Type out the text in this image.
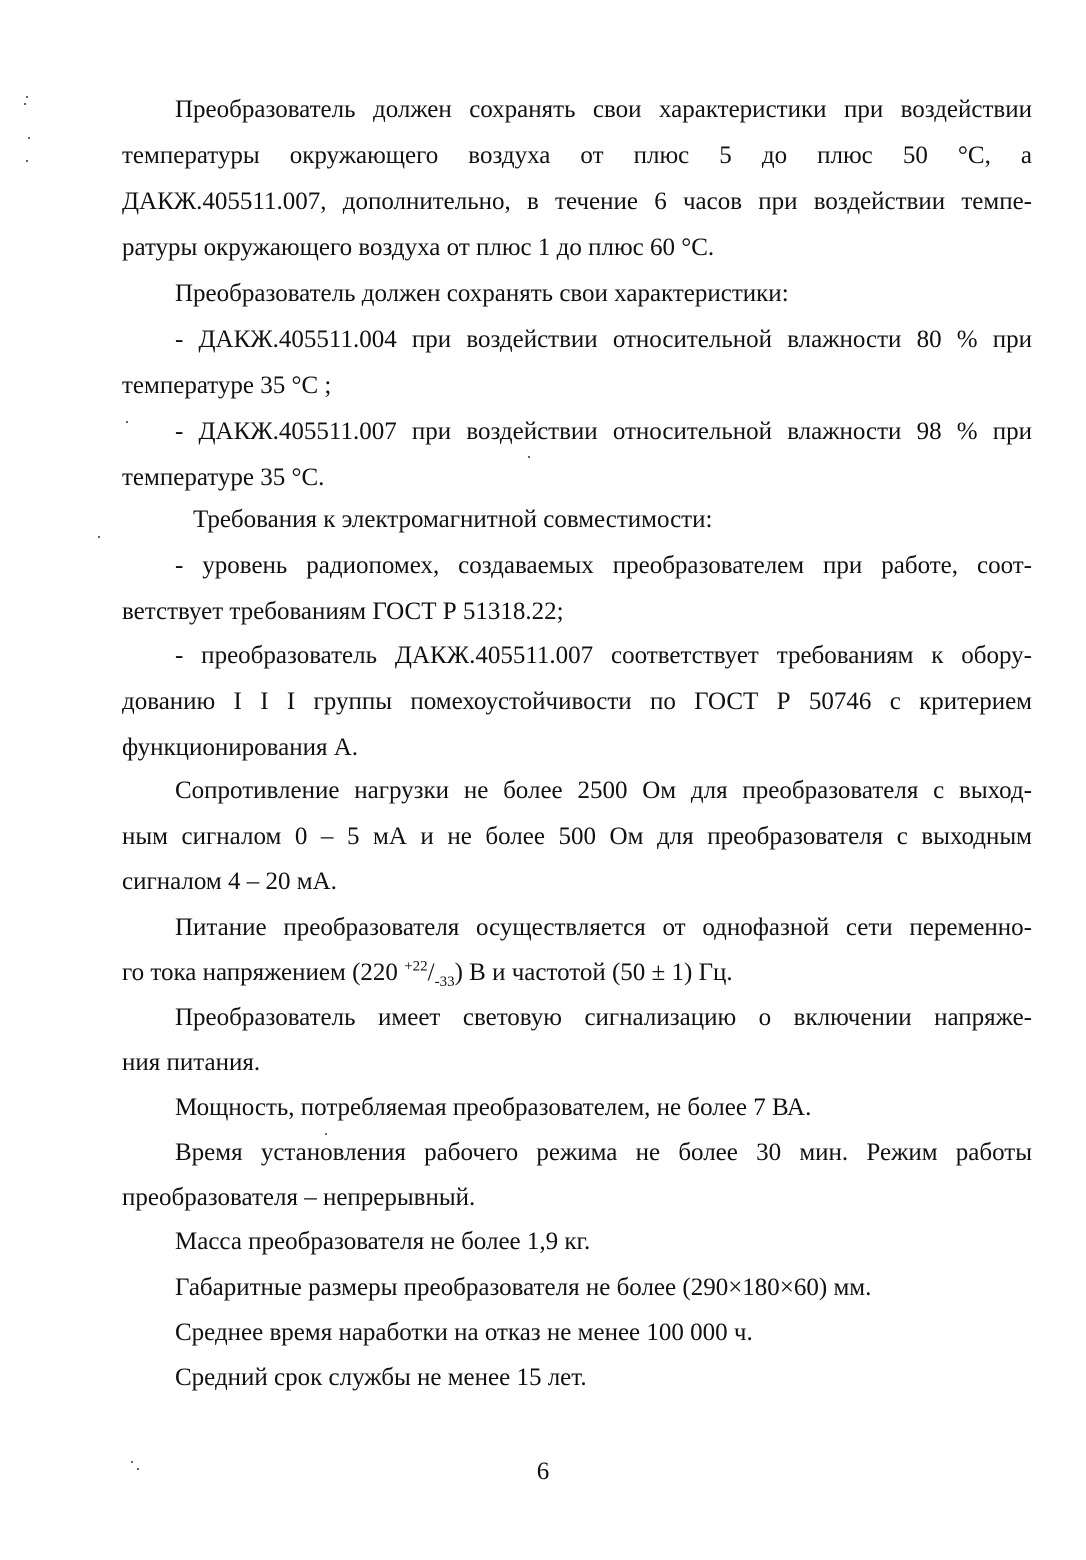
Преобразователь должен сохранять свои характеристики при воздействии
температуры окружающего воздуха от плюс 5 до плюс 50 °С, а
ДАКЖ.405511.007, дополнительно, в течение 6 часов при воздействии темпе-
ратуры окружающего воздуха от плюс 1 до плюс 60 °С.
Преобразователь должен сохранять свои характеристики:
- ДАКЖ.405511.004 при воздействии относительной влажности 80 % при
температуре 35 °С ;
- ДАКЖ.405511.007 при воздействии относительной влажности 98 % при
температуре 35 °С.
Требования к электромагнитной совместимости:
- уровень радиопомех, создаваемых преобразователем при работе, соот-
ветствует требованиям ГОСТ Р 51318.22;
- преобразователь ДАКЖ.405511.007 соответствует требованиям к обору-
дованию I I I группы помехоустойчивости по ГОСТ Р 50746 с критерием
функционирования А.
Сопротивление нагрузки не более 2500 Ом для преобразователя с выход-
ным сигналом 0 – 5 мА и не более 500 Ом для преобразователя с выходным
сигналом 4 – 20 мА.
Питание преобразователя осуществляется от однофазной сети переменно-
го тока напряжением (220 $^{+22}/_{-33}$) В и частотой (50 ± 1) Гц.
Преобразователь имеет световую сигнализацию о включении напряже-
ния питания.
Мощность, потребляемая преобразователем, не более 7 ВА.
Время установления рабочего режима не более 30 мин. Режим работы
преобразователя – непрерывный.
Масса преобразователя не более 1,9 кг.
Габаритные размеры преобразователя не более (290×180×60) мм.
Среднее время наработки на отказ не менее 100 000 ч.
Средний срок службы не менее 15 лет.
6
